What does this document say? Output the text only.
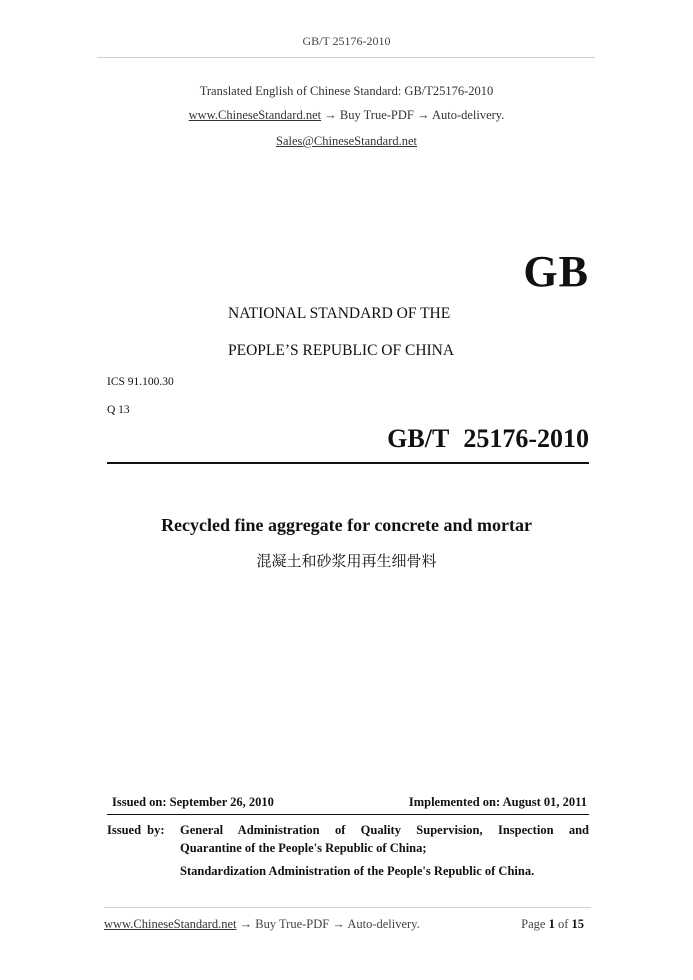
GB/T 25176-2010
Translated English of Chinese Standard: GB/T25176-2010
www.ChineseStandard.net → Buy True-PDF → Auto-delivery.
Sales@ChineseStandard.net
GB
NATIONAL STANDARD OF THE
PEOPLE’S REPUBLIC OF CHINA
ICS 91.100.30
Q 13
GB/T 25176-2010
Recycled fine aggregate for concrete and mortar
混凝土和砂浆用再生细骨料
Issued on: September 26, 2010	Implemented on: August 01, 2011
Issued by: General Administration of Quality Supervision, Inspection and
Quarantine of the People's Republic of China;
Standardization Administration of the People's Republic of China.
www.ChineseStandard.net → Buy True-PDF → Auto-delivery.	Page 1 of 15
